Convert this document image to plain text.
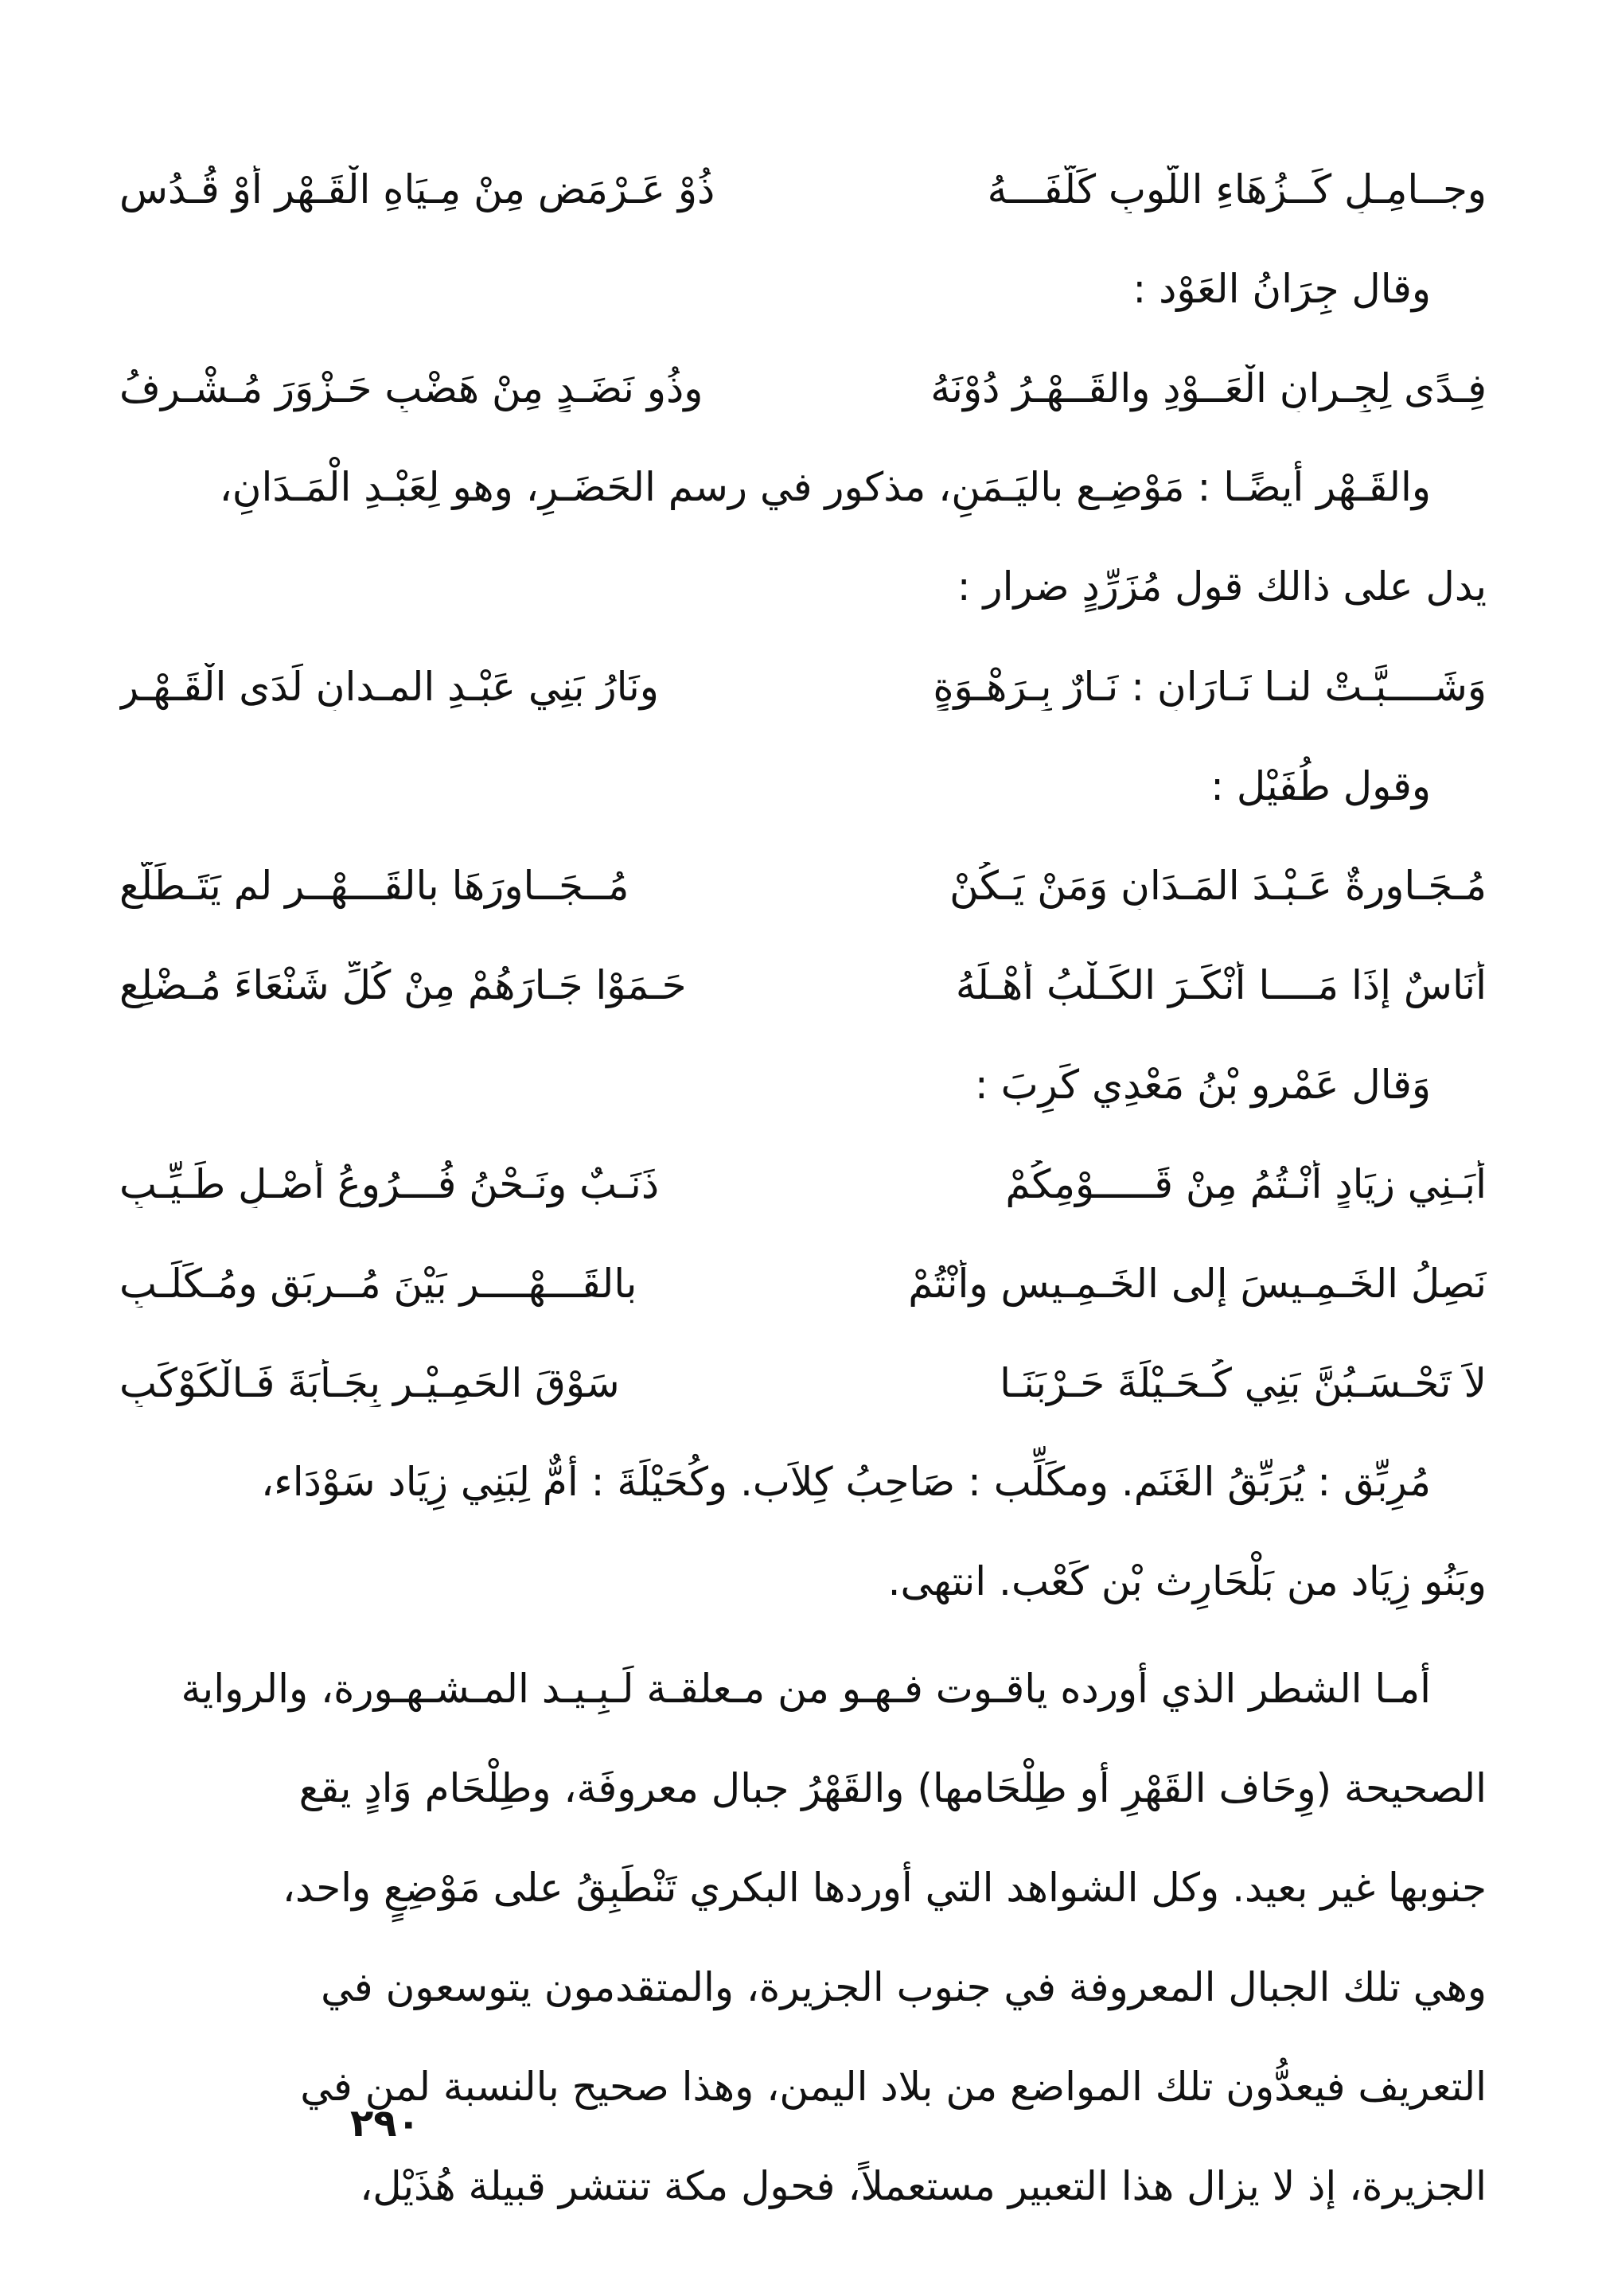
وجــامِـلٍ كَــزُهَاءِ اللُّوبِ كَلَّفَـــهُ
ذُوْ عَـرْمَضٍ مِنْ مِـيَاهِ الْقَـهْرِ أَوْ قُـدُسِ
وقال جِرَانُ العَوْد :
فِـدًى لِجِـرانِ الْعَــوْدِ والقَــهْـرُ دُوْنَهُ
وذُو نَضَـدٍ مِنْ هَضْبِ حَـزْوَرَ مُـشْـرِفُ
والقَـهْر أيضًـا : مَوْضِـع باليَـمَنِ، مذكور في رسم الحَضَـرِ، وهو لِعَبْـدِ الْمَـدَانِ،
يدل على ذالك قول مُزَرِّدٍ ضرار :
وَشَــــبَّـتْ لنـا نَـارَانِ : نَـارٌ بِـرَهْـوَةٍ
ونَارُ بَنِي عَبْـدِ المـدانِ لَدَى الْقَـهْـرِ
وقول طُفَيْل :
مُـجَـاوِرةٌ عَـبْـدَ المَـدَانِ وَمَنْ يَـكُنْ
مُــجَــاوِرَهَا بالقَـــهْــرِ لم يَتَـطَلَّعِ
أُنَاسٌ إِذَا مَــــا أَنْكَـرَ الكَـلْبُ أَهْـلَهُ
حَـمَوْا جَـارَهُمْ مِنْ كُلِّ شَنْعَاءَ مُـضْلِعِ
وَقال عَمْرو بْنُ مَعْدِي كَرِبَ :
أَبَـنِي زِيَادٍ أَنْـتُمُ مِنْ قَـــــوْمِكُمْ
ذَنَـبٌ ونَـحْنُ فُـــرُوعُ أَصْـلٍ طَـيِّـبِ
نَصِلُ الخَـمِـيسَ إلى الخَـمِـيسِ وأَنْتُمْ
بالقَـــهْــــرِ بَيْنَ مُــرِبَقٍ ومُـكَلِّـبِ
لاَ تَحْـسَـبُنَّ بَنِي كُـحَـيْلَةَ حَـرْبَنَـا
سَوْقَ الحَمِـيْـرِ بِجَـأْبَةَ فَـالْكَوْكَبِ
مُرِبِّق : يُرَبِّقُ الغَنَم. ومكَلِّب : صَاحِبُ كِلاَب. وكُحَيْلَةَ : أمٌّ لِبَنِي زِيَاد سَوْدَاء،
وبَنُو زِيَاد من بَلْحَارِث بْن كَعْب. انتهى.
أمـا الشطر الذي أورده ياقـوت فـهـو من مـعلقـة لَـبِـيـد المـشـهـورة، والرواية
الصحيحة (وِحَاف القَهْرِ أو طِلْحَامها) والقَهْرُ جبال معروفَة، وطِلْحَام وَادٍ يقع
جنوبها غير بعيد. وكل الشواهد التي أوردها البكري تَنْطَبِقُ على مَوْضِعٍ واحد،
وهي تلك الجبال المعروفة في جنوب الجزيرة، والمتقدمون يتوسعون في
التعريف فيعدُّون تلك المواضع من بلاد اليمن، وهذا صحيح بالنسبة لمن في
الجزيرة، إذ لا يزال هذا التعبير مستعملاً، فحول مكة تنتشر قبيلة هُذَيْل،
٢٩٠
